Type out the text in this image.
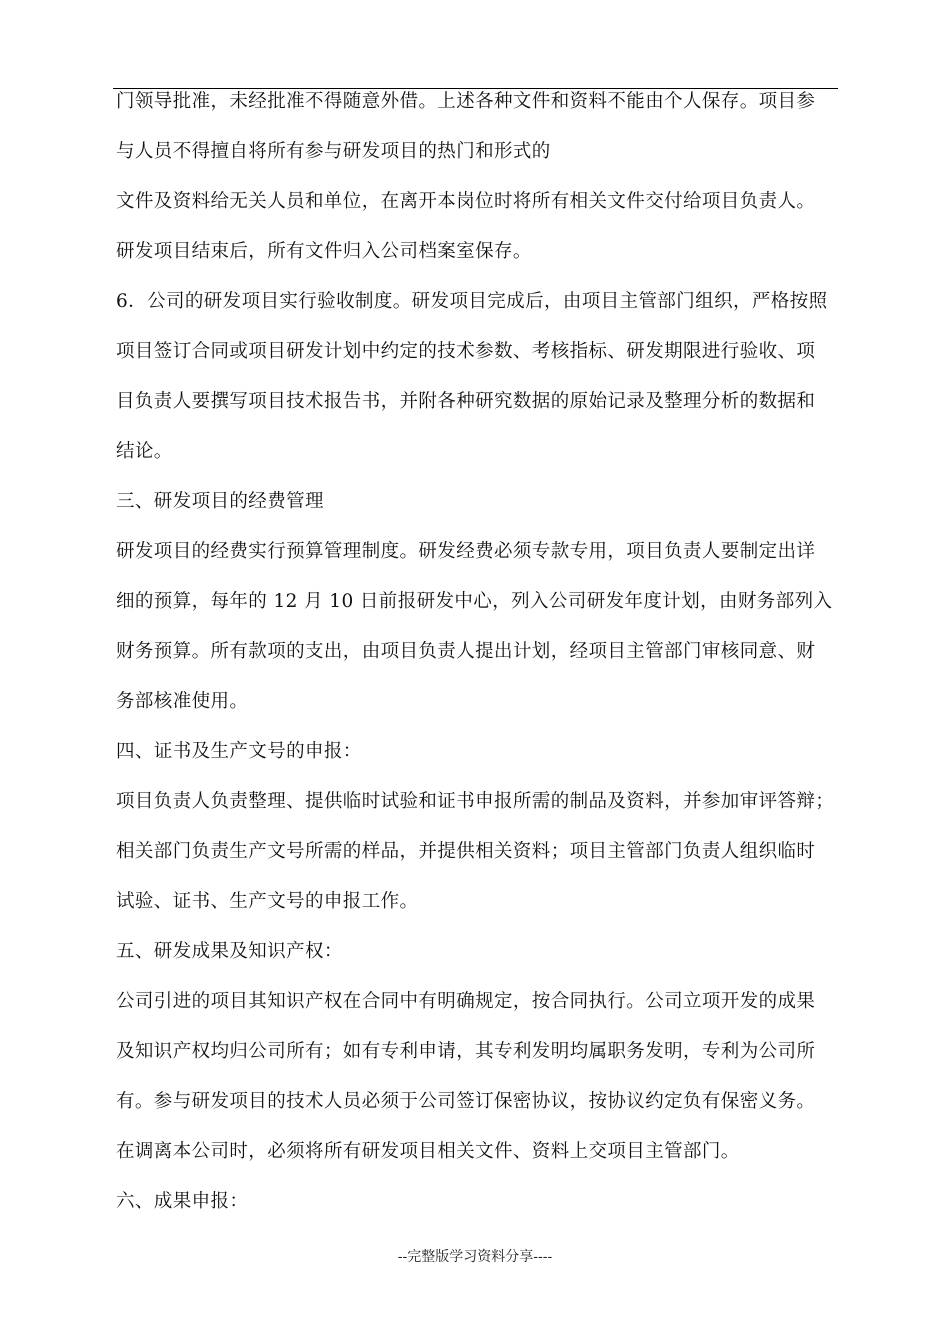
门领导批准，未经批准不得随意外借。上述各种文件和资料不能由个人保存。项目参
与人员不得擅自将所有参与研发项目的热门和形式的
文件及资料给无关人员和单位，在离开本岗位时将所有相关文件交付给项目负责人。
研发项目结束后，所有文件归入公司档案室保存。
6．公司的研发项目实行验收制度。研发项目完成后，由项目主管部门组织，严格按照
项目签订合同或项目研发计划中约定的技术参数、考核指标、研发期限进行验收、项
目负责人要撰写项目技术报告书，并附各种研究数据的原始记录及整理分析的数据和
结论。
三、研发项目的经费管理
研发项目的经费实行预算管理制度。研发经费必须专款专用，项目负责人要制定出详
细的预算，每年的 12 月 10 日前报研发中心，列入公司研发年度计划，由财务部列入
财务预算。所有款项的支出，由项目负责人提出计划，经项目主管部门审核同意、财
务部核准使用。
四、证书及生产文号的申报：
项目负责人负责整理、提供临时试验和证书申报所需的制品及资料，并参加审评答辩；
相关部门负责生产文号所需的样品，并提供相关资料；项目主管部门负责人组织临时
试验、证书、生产文号的申报工作。
五、研发成果及知识产权：
公司引进的项目其知识产权在合同中有明确规定，按合同执行。公司立项开发的成果
及知识产权均归公司所有；如有专利申请，其专利发明均属职务发明，专利为公司所
有。参与研发项目的技术人员必须于公司签订保密协议，按协议约定负有保密义务。
在调离本公司时，必须将所有研发项目相关文件、资料上交项目主管部门。
六、成果申报：
--完整版学习资料分享----
